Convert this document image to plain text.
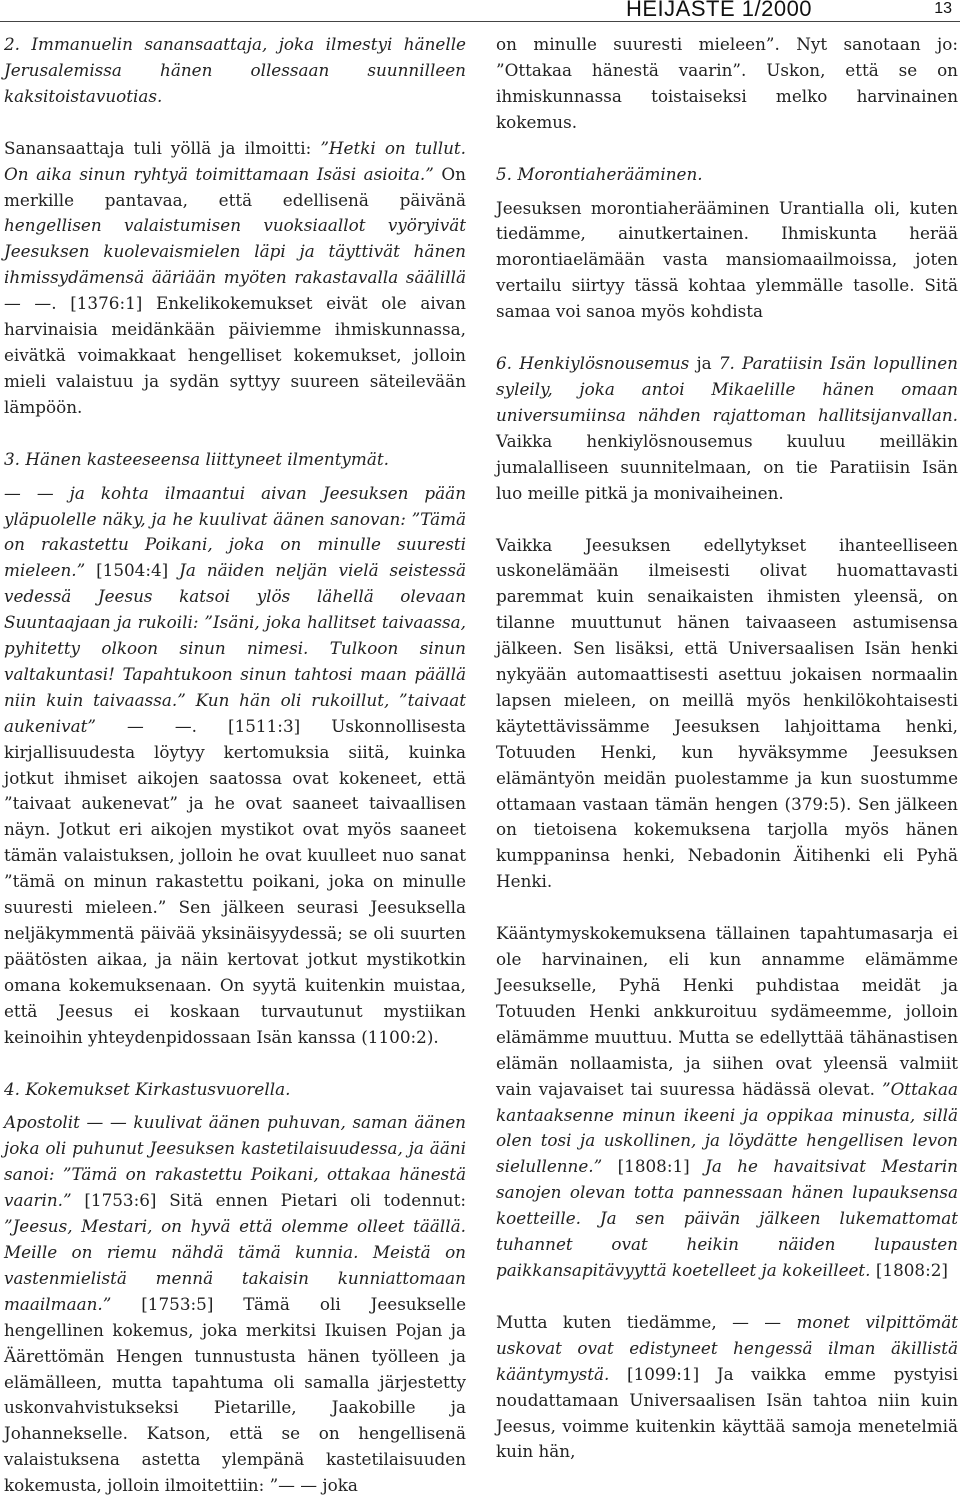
HEIJASTE 1/2000	13

2. Immanuelin sanansaattaja, joka ilmestyi hänelle Jerusalemissa hänen ollessaan suunnilleen kaksitoistavuotias.

Sanansaattaja tuli yöllä ja ilmoitti: ”Hetki on tullut. On aika sinun ryhtyä toimittamaan Isäsi asioita.” On merkille pantavaa, että edellisenä päivänä hengellisen valaistumisen vuoksiaallot vyöryivät Jeesuksen kuolevaismielen läpi ja täyttivät hänen ihmissydämensä ääriään myöten rakastavalla säälillä — —. [1376:1] Enkelikokemukset eivät ole aivan harvinaisia meidänkään päiviemme ihmiskunnassa, eivätkä voimakkaat hengelliset kokemukset, jolloin mieli valaistuu ja sydän syttyy suureen säteilevään lämpöön.

3. Hänen kasteeseensa liittyneet ilmentymät.

— — ja kohta ilmaantui aivan Jeesuksen pään yläpuolelle näky, ja he kuulivat äänen sanovan: ”Tämä on rakastettu Poikani, joka on minulle suuresti mieleen.” [1504:4] Ja näiden neljän vielä seistessä vedessä Jeesus katsoi ylös lähellä olevaan Suuntaajaan ja rukoili: ”Isäni, joka hallitset taivaassa, pyhitetty olkoon sinun nimesi. Tulkoon sinun valtakuntasi! Tapahtukoon sinun tahtosi maan päällä niin kuin taivaassa.” Kun hän oli rukoillut, ”taivaat aukenivat” — —. [1511:3] Uskonnollisesta kirjallisuudesta löytyy kertomuksia siitä, kuinka jotkut ihmiset aikojen saatossa ovat kokeneet, että ”taivaat aukenevat” ja he ovat saaneet taivaallisen näyn. Jotkut eri aikojen mystikot ovat myös saaneet tämän valaistuksen, jolloin he ovat kuulleet nuo sanat ”tämä on minun rakastettu poikani, joka on minulle suuresti mieleen.” Sen jälkeen seurasi Jeesuksella neljäkymmentä päivää yksinäisyydessä; se oli suurten päätösten aikaa, ja näin kertovat jotkut mystikotkin omana kokemuksenaan. On syytä kuitenkin muistaa, että Jeesus ei koskaan turvautunut mystiikan keinoihin yhteydenpidossaan Isän kanssa (1100:2).

4. Kokemukset Kirkastusvuorella.

Apostolit — — kuulivat äänen puhuvan, saman äänen joka oli puhunut Jeesuksen kastetilaisuudessa, ja ääni sanoi: ”Tämä on rakastettu Poikani, ottakaa hänestä vaarin.” [1753:6] Sitä ennen Pietari oli todennut: ”Jeesus, Mestari, on hyvä että olemme olleet täällä. Meille on riemu nähdä tämä kunnia. Meistä on vastenmielistä mennä takaisin kunniattomaan maailmaan.” [1753:5] Tämä oli Jeesukselle hengellinen kokemus, joka merkitsi Ikuisen Pojan ja Äärettömän Hengen tunnustusta hänen työlleen ja elämälleen, mutta tapahtuma oli samalla järjestetty uskonvahvistukseksi Pietarille, Jaakobille ja Johannekselle. Katson, että se on hengellisenä valaistuksena astetta ylempänä kastetilaisuuden kokemusta, jolloin ilmoitettiin: ”— — joka

on minulle suuresti mieleen”. Nyt sanotaan jo: ”Ottakaa hänestä vaarin”. Uskon, että se on ihmiskunnassa toistaiseksi melko harvinainen kokemus.

5. Morontiaherääminen.

Jeesuksen morontiaherääminen Urantialla oli, kuten tiedämme, ainutkertainen. Ihmiskunta herää morontiaelämään vasta mansiomaailmoissa, joten vertailu siirtyy tässä kohtaa ylemmälle tasolle. Sitä samaa voi sanoa myös kohdista

6. Henkiylösnousemus ja 7. Paratiisin Isän lopullinen syleily, joka antoi Mikaelille hänen omaan universumiinsa nähden rajattoman hallitsijanvallan. Vaikka henkiylösnousemus kuuluu meilläkin jumalalliseen suunnitelmaan, on tie Paratiisin Isän luo meille pitkä ja monivaiheinen.

Vaikka Jeesuksen edellytykset ihanteelliseen uskonelämään ilmeisesti olivat huomattavasti paremmat kuin senaikaisten ihmisten yleensä, on tilanne muuttunut hänen taivaaseen astumisensa jälkeen. Sen lisäksi, että Universaalisen Isän henki nykyään automaattisesti asettuu jokaisen normaalin lapsen mieleen, on meillä myös henkilökohtaisesti käytettävissämme Jeesuksen lahjoittama henki, Totuuden Henki, kun hyväksymme Jeesuksen elämäntyön meidän puolestamme ja kun suostumme ottamaan vastaan tämän hengen (379:5). Sen jälkeen on tietoisena kokemuksena tarjolla myös hänen kumppaninsa henki, Nebadonin Äitihenki eli Pyhä Henki.

Kääntymyskokemuksena tällainen tapahtumasarja ei ole harvinainen, eli kun annamme elämämme Jeesukselle, Pyhä Henki puhdistaa meidät ja Totuuden Henki ankkuroituu sydämeemme, jolloin elämämme muuttuu. Mutta se edellyttää tähänastisen elämän nollaamista, ja siihen ovat yleensä valmiit vain vajavaiset tai suuressa hädässä olevat. ”Ottakaa kantaaksenne minun ikeeni ja oppikaa minusta, sillä olen tosi ja uskollinen, ja löydätte hengellisen levon sielullenne.” [1808:1] Ja he havaitsivat Mestarin sanojen olevan totta pannessaan hänen lupauksensa koetteille. Ja sen päivän jälkeen lukemattomat tuhannet ovat heikin näiden lupausten paikkansapitävyyttä koetelleet ja kokeilleet. [1808:2]

Mutta kuten tiedämme, — — monet vilpittömät uskovat ovat edistyneet hengessä ilman äkillistä kääntymystä. [1099:1] Ja vaikka emme pystyisi noudattamaan Universaalisen Isän tahtoa niin kuin Jeesus, voimme kuitenkin käyttää samoja menetelmiä kuin hän,
